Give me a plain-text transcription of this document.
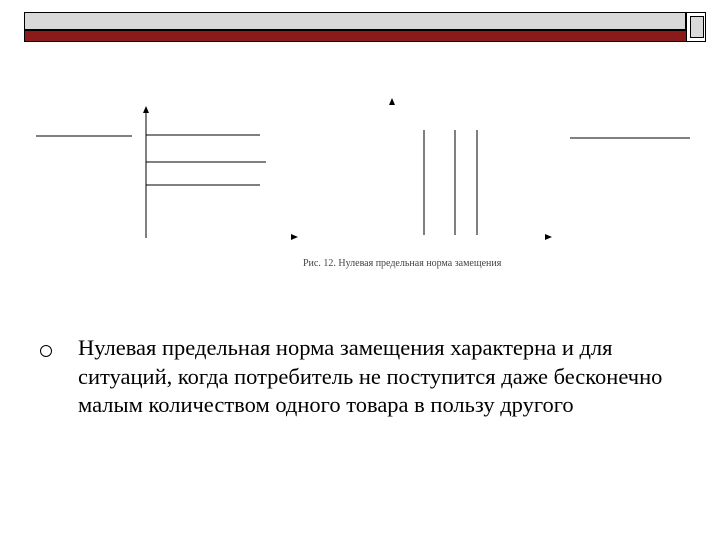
Рис. 12. Нулевая предельная норма замещения
Нулевая предельная норма замещения характерна и для ситуаций, когда потребитель не поступится даже бесконечно малым количеством одного товара в пользу другого
